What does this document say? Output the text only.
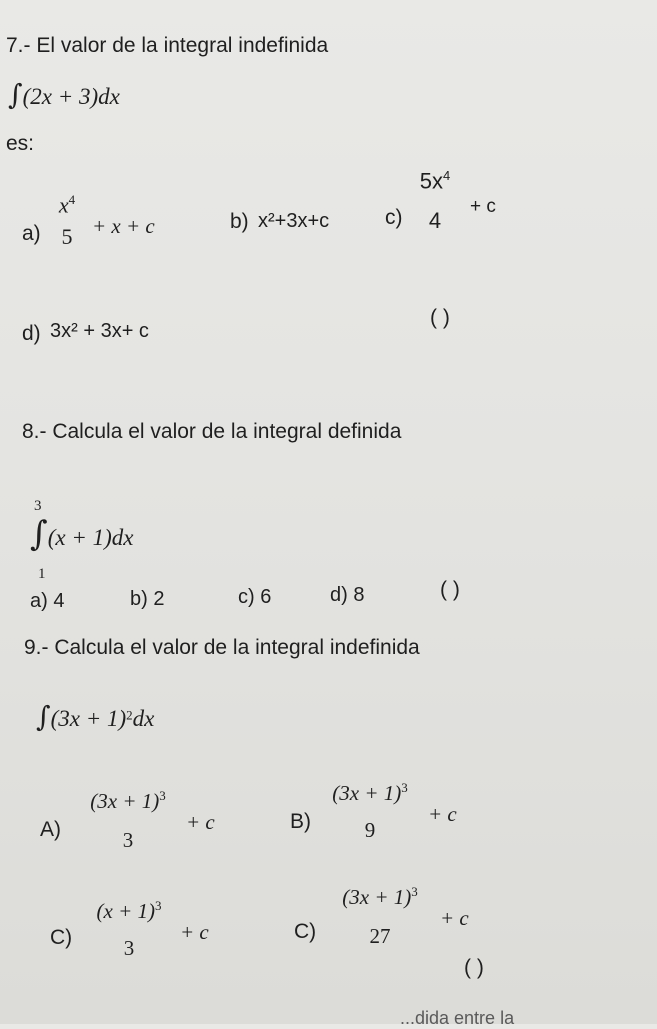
7.- El valor de la integral indefinida
∫(2x + 3)dx
es:
a)
$x^4$
5 + x + c	b) x²+3x+c	c)
$5x^4$
4
+ c
d) 3x² + 3x+ c
( )
8.- Calcula el valor de la integral definida
3
∫(x + 1)dx
1
a) 4	b) 2	c) 6	d) 8	( )
9.- Calcula el valor de la integral indefinida
$\int(3x + 1)^2dx$
A)
$(3x + 1)^3$
3
+ c	B)
$(3x + 1)^3$
9
+ c
C)
$(x + 1)^3$
3
+ c	C)
$(3x + 1)^3$
27
+ c
( )
...dida entre la
